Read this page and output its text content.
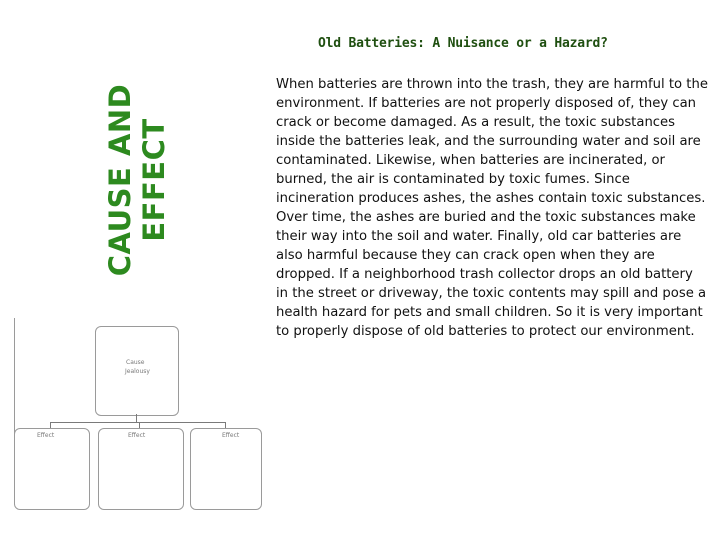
Old Batteries: A Nuisance or a Hazard?
CAUSE AND EFFECT

When batteries are thrown into the trash, they are harmful to the environment. If batteries are not properly disposed of, they can crack or become damaged. As a result, the toxic substances inside the batteries leak, and the surrounding water and soil are contaminated. Likewise, when batteries are incinerated, or burned, the air is contaminated by toxic fumes. Since incineration produces ashes, the ashes contain toxic substances. Over time, the ashes are buried and the toxic substances make their way into the soil and water. Finally, old car batteries are also harmful because they can crack open when they are dropped. If a neighborhood trash collector drops an old battery in the street or driveway, the toxic contents may spill and pose a health hazard for pets and small children. So it is very important to properly dispose of old batteries to protect our environment.

Cause
Jealousy
Effect	Effect	Effect
